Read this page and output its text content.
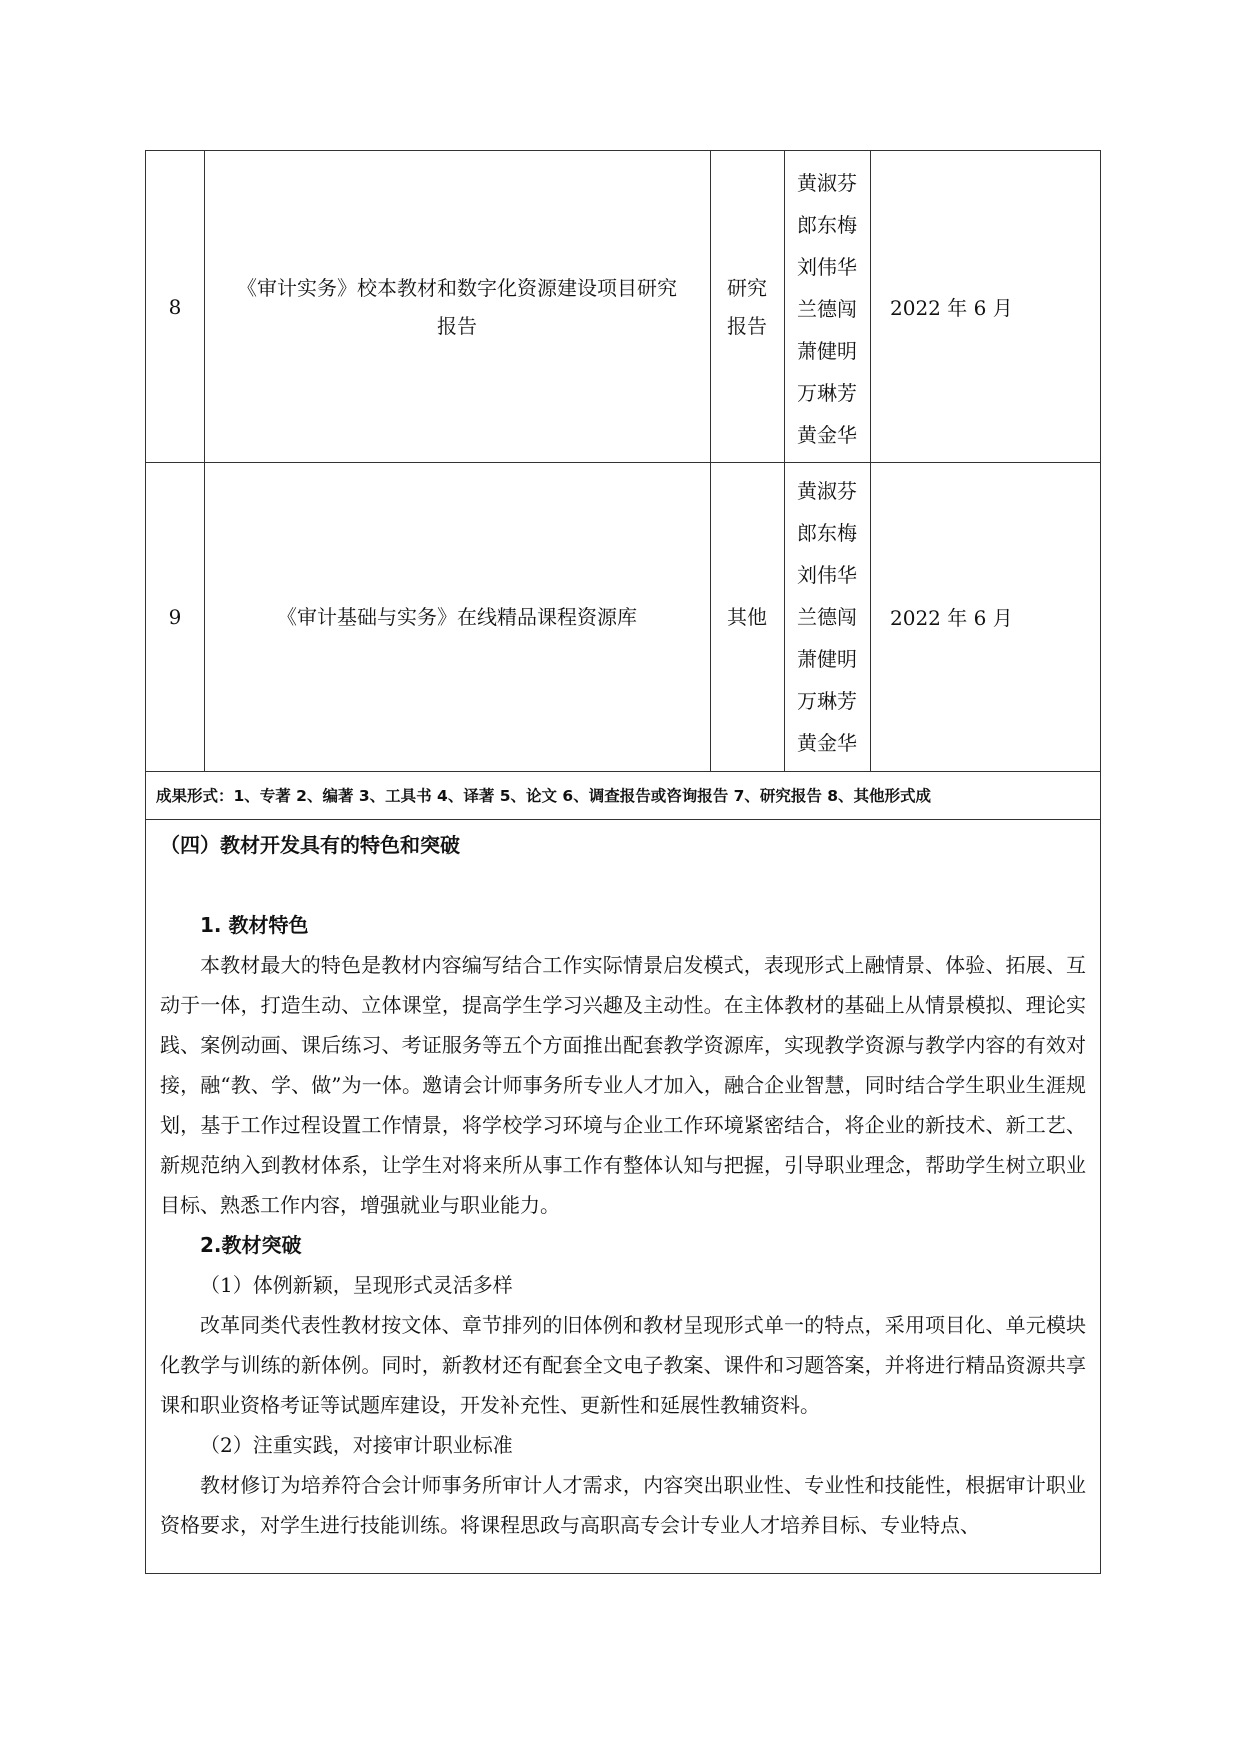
8
《审计实务》校本教材和数字化资源建设项目研究
报告
研究
报告
黄淑芬
郎东梅
刘伟华
兰德闯
萧健明
万琳芳
黄金华
2022 年 6 月
9	《审计基础与实务》在线精品课程资源库	其他
黄淑芬
郎东梅
刘伟华
兰德闯
萧健明
万琳芳
黄金华
2022 年 6 月
成果形式：1、专著 2、编著 3、工具书 4、译著 5、论文 6、调查报告或咨询报告 7、研究报告 8、其他形式成
（四）教材开发具有的特色和突破
1. 教材特色

本教材最大的特色是教材内容编写结合工作实际情景启发模式，表现形式上融情景、体验、拓展、互动于一体，打造生动、立体课堂，提高学生学习兴趣及主动性。在主体教材的基础上从情景模拟、理论实践、案例动画、课后练习、考证服务等五个方面推出配套教学资源库，实现教学资源与教学内容的有效对接，融“教、学、做”为一体。邀请会计师事务所专业人才加入，融合企业智慧，同时结合学生职业生涯规划，基于工作过程设置工作情景，将学校学习环境与企业工作环境紧密结合，将企业的新技术、新工艺、新规范纳入到教材体系，让学生对将来所从事工作有整体认知与把握，引导职业理念，帮助学生树立职业目标、熟悉工作内容，增强就业与职业能力。

2.教材突破
（1）体例新颖，呈现形式灵活多样

改革同类代表性教材按文体、章节排列的旧体例和教材呈现形式单一的特点，采用项目化、单元模块化教学与训练的新体例。同时，新教材还有配套全文电子教案、课件和习题答案，并将进行精品资源共享课和职业资格考证等试题库建设，开发补充性、更新性和延展性教辅资料。

（2）注重实践，对接审计职业标准

教材修订为培养符合会计师事务所审计人才需求，内容突出职业性、专业性和技能性，根据审计职业资格要求，对学生进行技能训练。将课程思政与高职高专会计专业人才培养目标、专业特点、
